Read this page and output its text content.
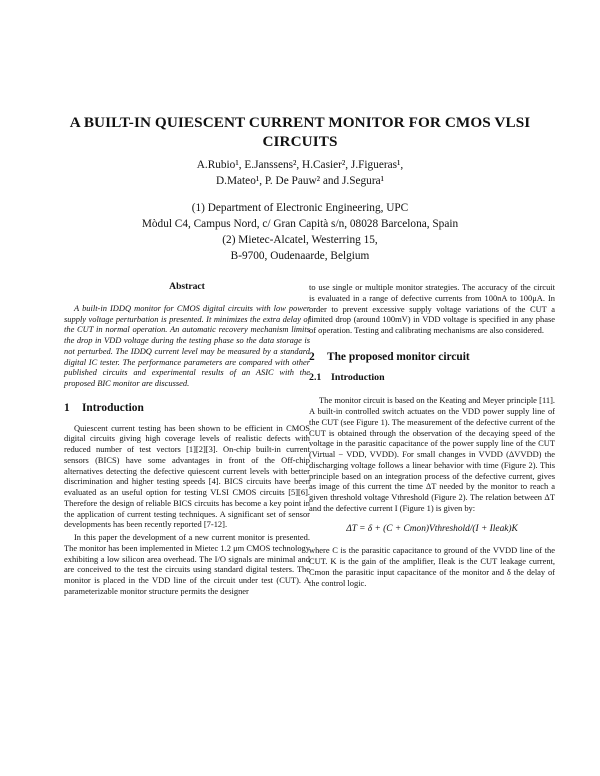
A BUILT-IN QUIESCENT CURRENT MONITOR FOR CMOS VLSI CIRCUITS
A.Rubio¹, E.Janssens², H.Casier², J.Figueras¹,
D.Mateo¹, P. De Pauw² and J.Segura¹
(1) Department of Electronic Engineering, UPC
Mòdul C4, Campus Nord, c/ Gran Capità s/n, 08028 Barcelona, Spain
(2) Mietec-Alcatel, Westerring 15,
B-9700, Oudenaarde, Belgium

Abstract

A built-in IDDQ monitor for CMOS digital circuits with low power supply voltage perturbation is presented. It minimizes the extra delay of the CUT in normal operation. An automatic recovery mechanism limits the drop in VDD voltage during the testing phase so the data storage is not perturbed. The IDDQ current level may be measured by a standard digital IC tester. The performance parameters are compared with other published circuits and experimental results of an ASIC with the proposed BIC monitor are discussed.

1 Introduction

Quiescent current testing has been shown to be efficient in CMOS digital circuits giving high coverage levels of realistic defects with reduced number of test vectors [1][2][3]. On-chip built-in current sensors (BICS) have some advantages in front of the Off-chip alternatives detecting the defective quiescent current levels with better discrimination and higher testing speeds [4]. BICS circuits have been evaluated as an useful option for testing VLSI CMOS circuits [5][6]. Therefore the design of reliable BICS circuits has become a key point in the application of current testing techniques. A significant set of sensor developments has been recently reported [7-12].

In this paper the development of a new current monitor is presented. The monitor has been implemented in Mietec 1.2 μm CMOS technology exhibiting a low silicon area overhead. The I/O signals are minimal and are conceived to the test the circuits using standard digital testers. The monitor is placed in the VDD line of the circuit under test (CUT). A parameterizable monitor structure permits the designer

to use single or multiple monitor strategies. The accuracy of the circuit is evaluated in a range of defective currents from 100nA to 100μA. In order to prevent excessive supply voltage variations of the CUT a limited drop (around 100mV) in VDD voltage is specified in any phase of operation. Testing and calibrating mechanisms are also considered.

2 The proposed monitor circuit

2.1 Introduction

The monitor circuit is based on the Keating and Meyer principle [11]. A built-in controlled switch actuates on the VDD power supply line of the CUT (see Figure 1). The measurement of the defective current of the CUT is obtained through the observation of the decaying speed of the voltage in the parasitic capacitance of the power supply line of the CUT (Virtual − VDD, VVDD). For small changes in VVDD (ΔVVDD) the discharging voltage follows a linear behavior with time (Figure 2). This principle based on an integration process of the defective current, gives as image of this current the time ΔT needed by the monitor to reach a given threshold voltage Vthreshold (Figure 2). The relation between ΔT and the defective current I (Figure 1) is given by:

ΔT = δ + (C + Cmon)Vthreshold/(I + Ileak)K

where C is the parasitic capacitance to ground of the VVDD line of the CUT. K is the gain of the amplifier, Ileak is the CUT leakage current, Cmon the parasitic input capacitance of the monitor and δ the delay of the control logic.
